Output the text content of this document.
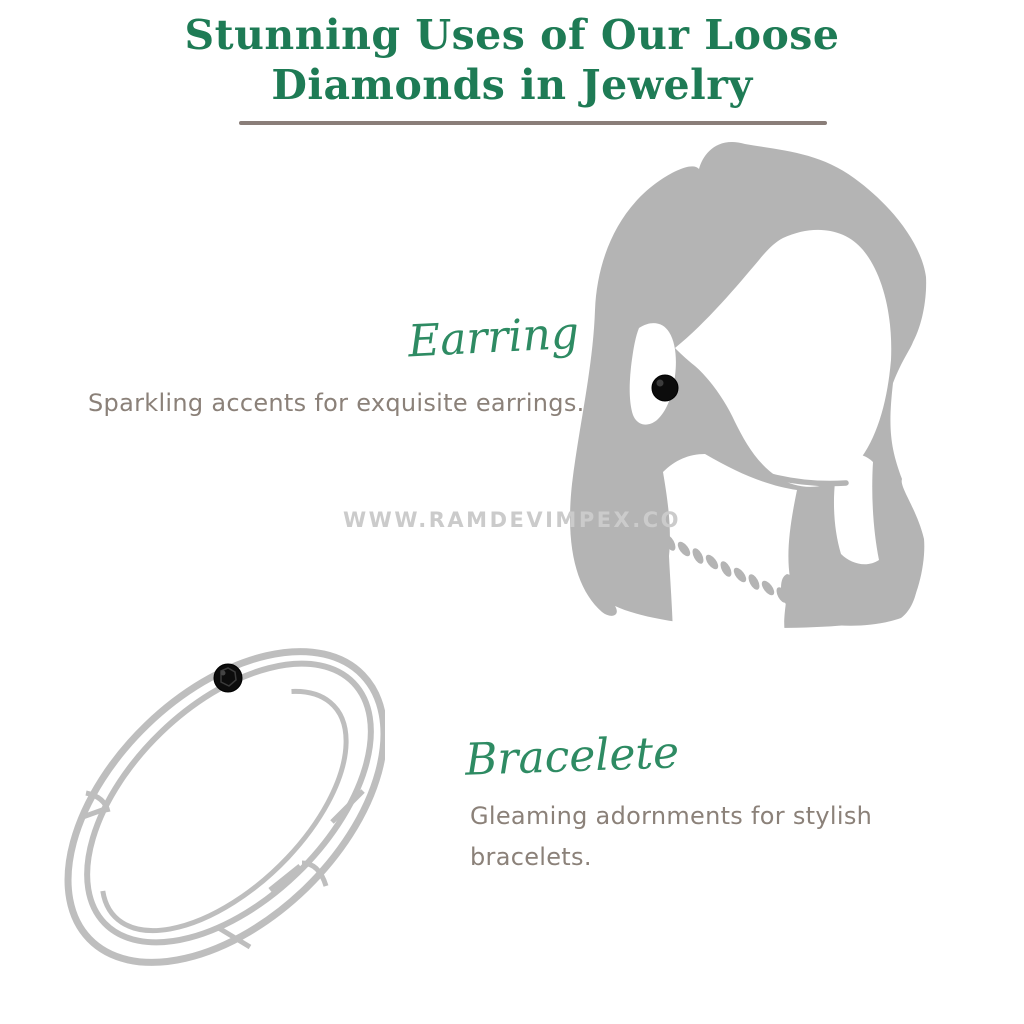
Stunning Uses of Our Loose
Diamonds in Jewelry
Earring
Sparkling accents for exquisite earrings.
WWW.RAMDEVIMPEX.CO
Bracelete
Gleaming adornments for stylish
bracelets.
